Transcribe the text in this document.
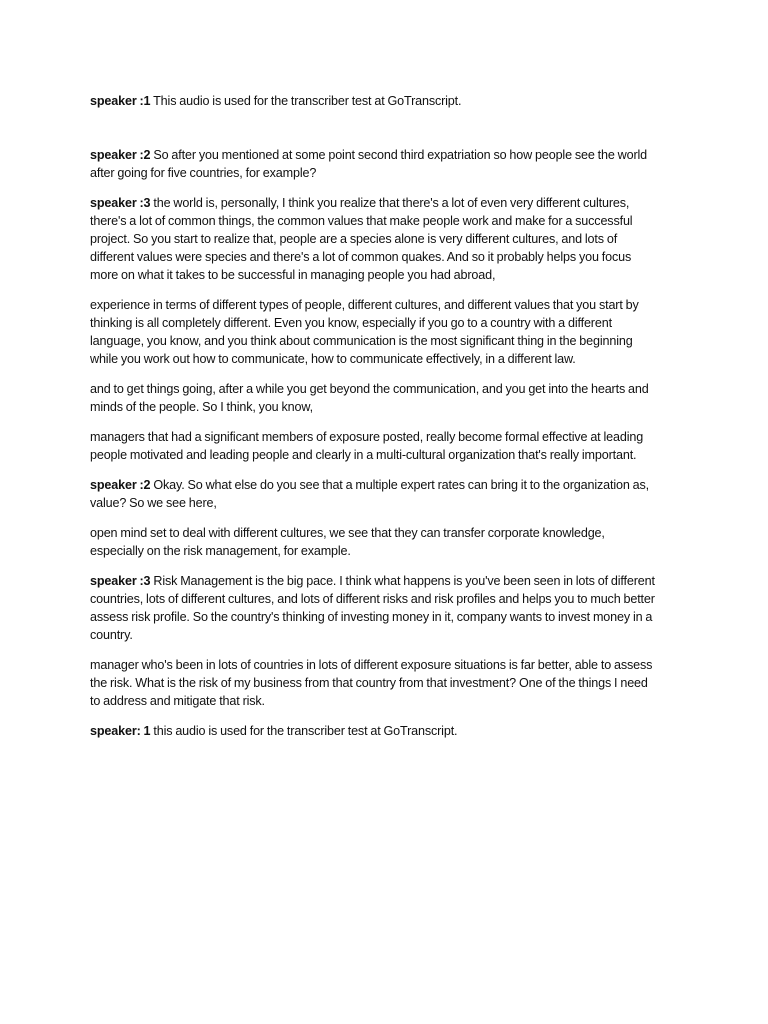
speaker :1 This audio is used for the transcriber test at GoTranscript.

speaker :2 So after you mentioned at some point second third expatriation so how people see the world after going for five countries, for example?

speaker :3 the world is, personally, I think you realize that there's a lot of even very different cultures, there's a lot of common things, the common values that make people work and make for a successful project. So you start to realize that, people are a species alone is very different cultures, and lots of different values were species and there's a lot of common quakes. And so it probably helps you focus more on what it takes to be successful in managing people you had abroad,

experience in terms of different types of people, different cultures, and different values that you start by thinking is all completely different. Even you know, especially if you go to a country with a different language, you know, and you think about communication is the most significant thing in the beginning while you work out how to communicate, how to communicate effectively, in a different law.

and to get things going, after a while you get beyond the communication, and you get into the hearts and minds of the people. So I think, you know,

managers that had a significant members of exposure posted, really become formal effective at leading people motivated and leading people and clearly in a multi-cultural organization that's really important.

speaker :2 Okay. So what else do you see that a multiple expert rates can bring it to the organization as, value? So we see here,

open mind set to deal with different cultures, we see that they can transfer corporate knowledge, especially on the risk management, for example.

speaker :3 Risk Management is the big pace. I think what happens is you've been seen in lots of different countries, lots of different cultures, and lots of different risks and risk profiles and helps you to much better assess risk profile. So the country's thinking of investing money in it, company wants to invest money in a country.

manager who's been in lots of countries in lots of different exposure situations is far better, able to assess the risk. What is the risk of my business from that country from that investment? One of the things I need to address and mitigate that risk.

speaker: 1 this audio is used for the transcriber test at GoTranscript.
